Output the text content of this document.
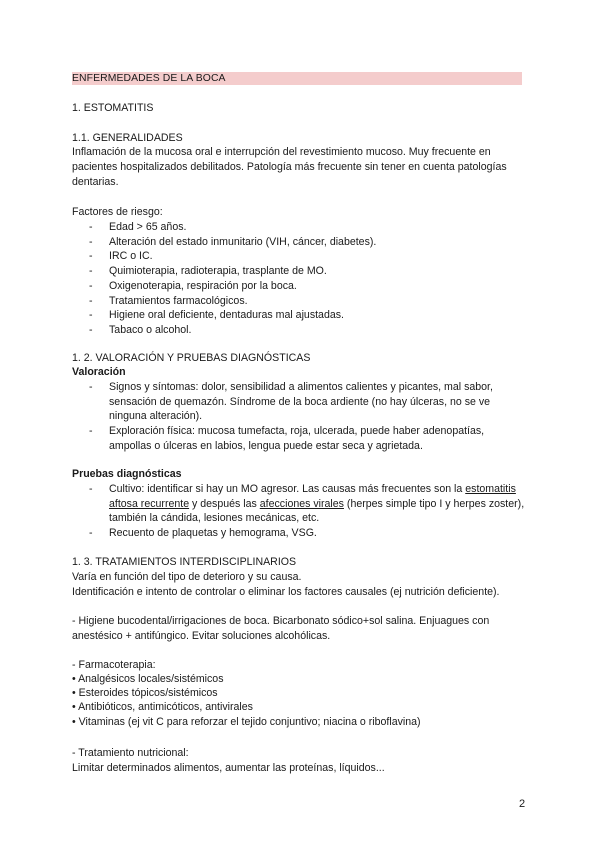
ENFERMEDADES DE LA BOCA
1. ESTOMATITIS
1.1. GENERALIDADES
Inflamación de la mucosa oral e interrupción del revestimiento mucoso. Muy frecuente en pacientes hospitalizados debilitados. Patología más frecuente sin tener en cuenta patologías dentarias.
Factores de riesgo:
- Edad > 65 años.
- Alteración del estado inmunitario (VIH, cáncer, diabetes).
- IRC o IC.
- Quimioterapia, radioterapia, trasplante de MO.
- Oxigenoterapia, respiración por la boca.
- Tratamientos farmacológicos.
- Higiene oral deficiente, dentaduras mal ajustadas.
- Tabaco o alcohol.
1. 2. VALORACIÓN Y PRUEBAS DIAGNÓSTICAS
Valoración
- Signos y síntomas: dolor, sensibilidad a alimentos calientes y picantes, mal sabor, sensación de quemazón. Síndrome de la boca ardiente (no hay úlceras, no se ve ninguna alteración).
- Exploración física: mucosa tumefacta, roja, ulcerada, puede haber adenopatías, ampollas o úlceras en labios, lengua puede estar seca y agrietada.
Pruebas diagnósticas
- Cultivo: identificar si hay un MO agresor. Las causas más frecuentes son la estomatitis aftosa recurrente y después las afecciones virales (herpes simple tipo I y herpes zoster), también la cándida, lesiones mecánicas, etc.
- Recuento de plaquetas y hemograma, VSG.
1. 3. TRATAMIENTOS INTERDISCIPLINARIOS
Varía en función del tipo de deterioro y su causa.
Identificación e intento de controlar o eliminar los factores causales (ej nutrición deficiente).
- Higiene bucodental/irrigaciones de boca. Bicarbonato sódico+sol salina. Enjuagues con anestésico + antifúngico. Evitar soluciones alcohólicas.
- Farmacoterapia:
• Analgésicos locales/sistémicos
• Esteroides tópicos/sistémicos
• Antibióticos, antimicóticos, antivirales
• Vitaminas (ej vit C para reforzar el tejido conjuntivo; niacina o riboflavina)
- Tratamiento nutricional:
Limitar determinados alimentos, aumentar las proteínas, líquidos...
2
